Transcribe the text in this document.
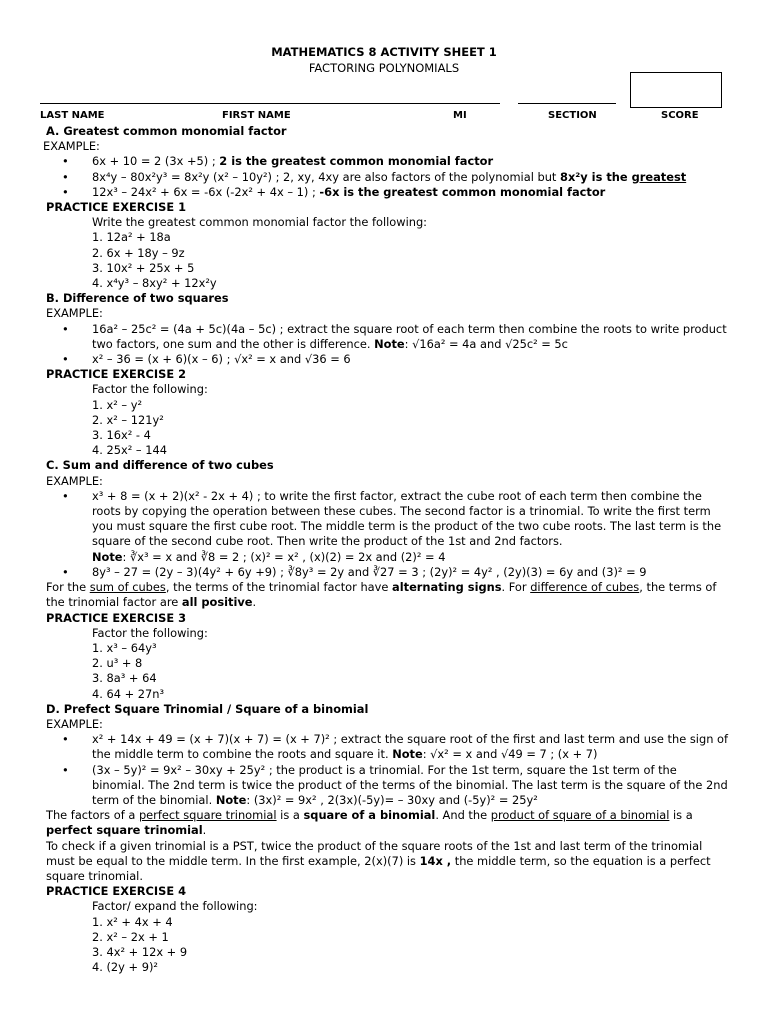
MATHEMATICS 8 ACTIVITY SHEET 1
FACTORING POLYNOMIALS
LAST NAME	FIRST NAME	MI	SECTION	SCORE
A. Greatest common monomial factor
EXAMPLE:
• 6x + 10 = 2 (3x +5) ; 2 is the greatest common monomial factor
• 8x⁴y – 80x²y³ = 8x²y (x² – 10y²) ; 2, xy, 4xy are also factors of the polynomial but 8x²y is the greatest
• 12x³ – 24x² + 6x = -6x (-2x² + 4x – 1) ; -6x is the greatest common monomial factor
PRACTICE EXERCISE 1
Write the greatest common monomial factor the following:
1. 12a² + 18a
2. 6x + 18y – 9z
3. 10x² + 25x + 5
4. x⁴y³ – 8xy² + 12x²y
B. Difference of two squares
EXAMPLE:
• 16a² – 25c² = (4a + 5c)(4a – 5c) ; extract the square root of each term then combine the roots to write product two factors, one sum and the other is difference. Note: √16a² = 4a and √25c² = 5c
• x² – 36 = (x + 6)(x – 6) ; √x² = x and √36 = 6
PRACTICE EXERCISE 2
Factor the following:
1. x² – y²
2. x² – 121y²
3. 16x² - 4
4. 25x² – 144
C. Sum and difference of two cubes
EXAMPLE:
• x³ + 8 = (x + 2)(x² - 2x + 4) ; to write the first factor, extract the cube root of each term then combine the roots by copying the operation between these cubes. The second factor is a trinomial. To write the first term you must square the first cube root. The middle term is the product of the two cube roots. The last term is the square of the second cube root. Then write the product of the 1st and 2nd factors.
Note: ∛x³ = x and ∛8 = 2 ; (x)² = x² , (x)(2) = 2x and (2)² = 4
• 8y³ – 27 = (2y – 3)(4y² + 6y +9) ; ∛8y³ = 2y and ∛27 = 3 ; (2y)² = 4y² , (2y)(3) = 6y and (3)² = 9
For the sum of cubes, the terms of the trinomial factor have alternating signs. For difference of cubes, the terms of the trinomial factor are all positive.
PRACTICE EXERCISE 3
Factor the following:
1. x³ – 64y³
2. u³ + 8
3. 8a³ + 64
4. 64 + 27n³
D. Prefect Square Trinomial / Square of a binomial
EXAMPLE:
• x² + 14x + 49 = (x + 7)(x + 7) = (x + 7)² ; extract the square root of the first and last term and use the sign of the middle term to combine the roots and square it. Note: √x² = x and √49 = 7 ; (x + 7)
• (3x – 5y)² = 9x² – 30xy + 25y² ; the product is a trinomial. For the 1st term, square the 1st term of the binomial. The 2nd term is twice the product of the terms of the binomial. The last term is the square of the 2nd term of the binomial. Note: (3x)² = 9x² , 2(3x)(-5y)= – 30xy and (-5y)² = 25y²
The factors of a perfect square trinomial is a square of a binomial. And the product of square of a binomial is a perfect square trinomial.
To check if a given trinomial is a PST, twice the product of the square roots of the 1st and last term of the trinomial must be equal to the middle term. In the first example, 2(x)(7) is 14x , the middle term, so the equation is a perfect square trinomial.
PRACTICE EXERCISE 4
Factor/ expand the following:
1. x² + 4x + 4
2. x² – 2x + 1
3. 4x² + 12x + 9
4. (2y + 9)²
